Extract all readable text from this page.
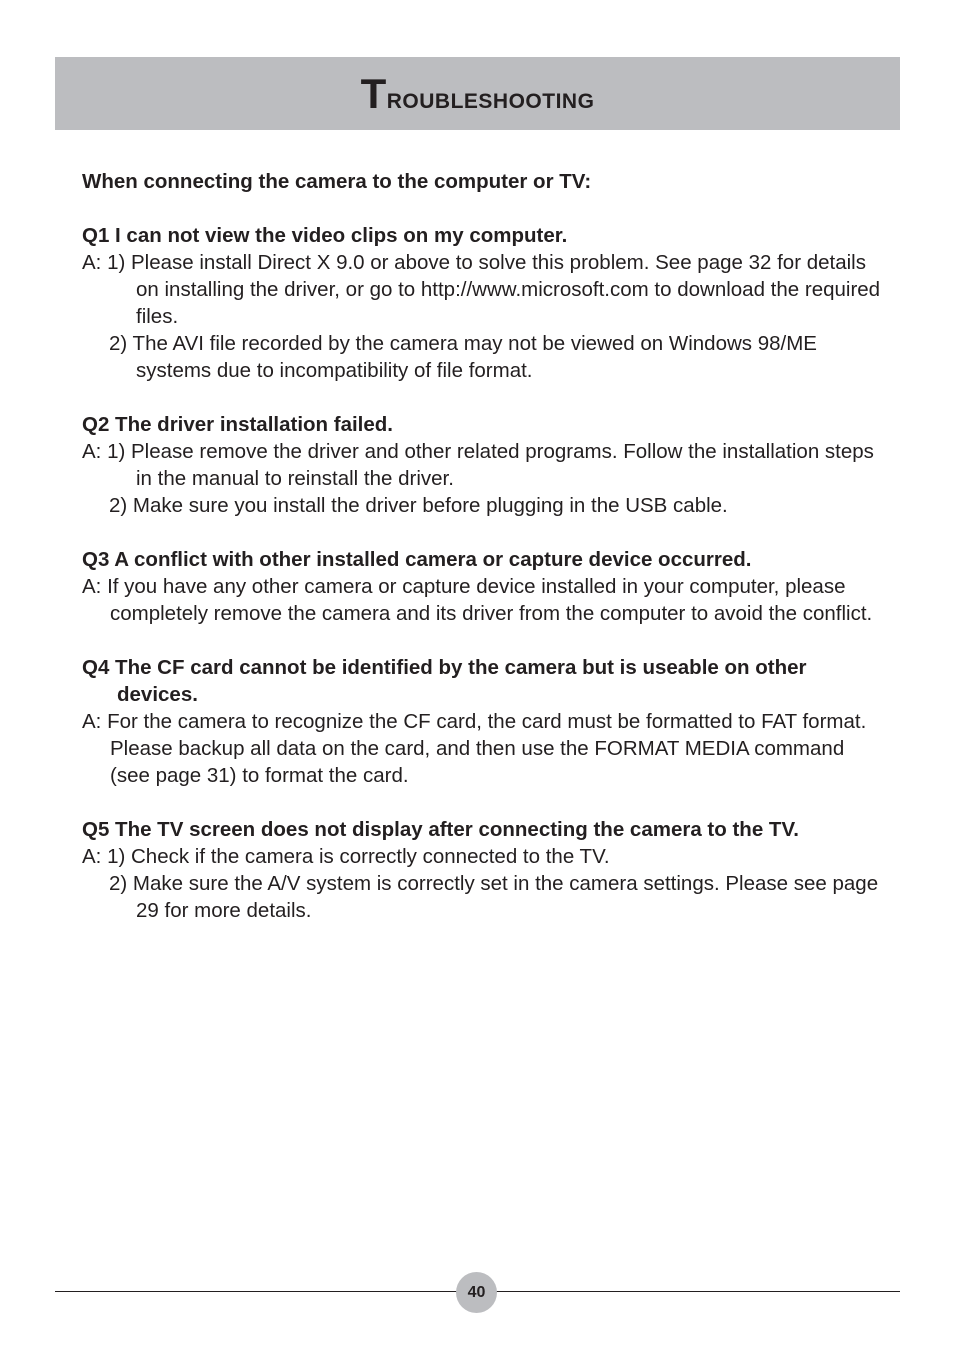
Troubleshooting
When connecting the camera to the computer or TV:
Q1 I can not view the video clips on my computer.
A: 1) Please install Direct X 9.0 or above to solve this problem. See page 32 for details on installing the driver, or go to http://www.microsoft.com to download the required files.
2) The AVI file recorded by the camera may not be viewed on Windows 98/ME systems due to incompatibility of file format.
Q2 The driver installation failed.
A: 1) Please remove the driver and other related programs. Follow the installation steps in the manual to reinstall the driver.
2) Make sure you install the driver before plugging in the USB cable.
Q3 A conflict with other installed camera or capture device occurred.
A: If you have any other camera or capture device installed in your computer, please completely remove the camera and its driver from the computer to avoid the conflict.
Q4 The CF card cannot be identified by the camera but is useable on other devices.
A: For the camera to recognize the CF card, the card must be formatted to FAT format. Please backup all data on the card, and then use the FORMAT MEDIA command (see page 31) to format the card.
Q5 The TV screen does not display after connecting the camera to the TV.
A: 1) Check if the camera is correctly connected to the TV.
2) Make sure the A/V system is correctly set in the camera settings. Please see page 29 for more details.
40
